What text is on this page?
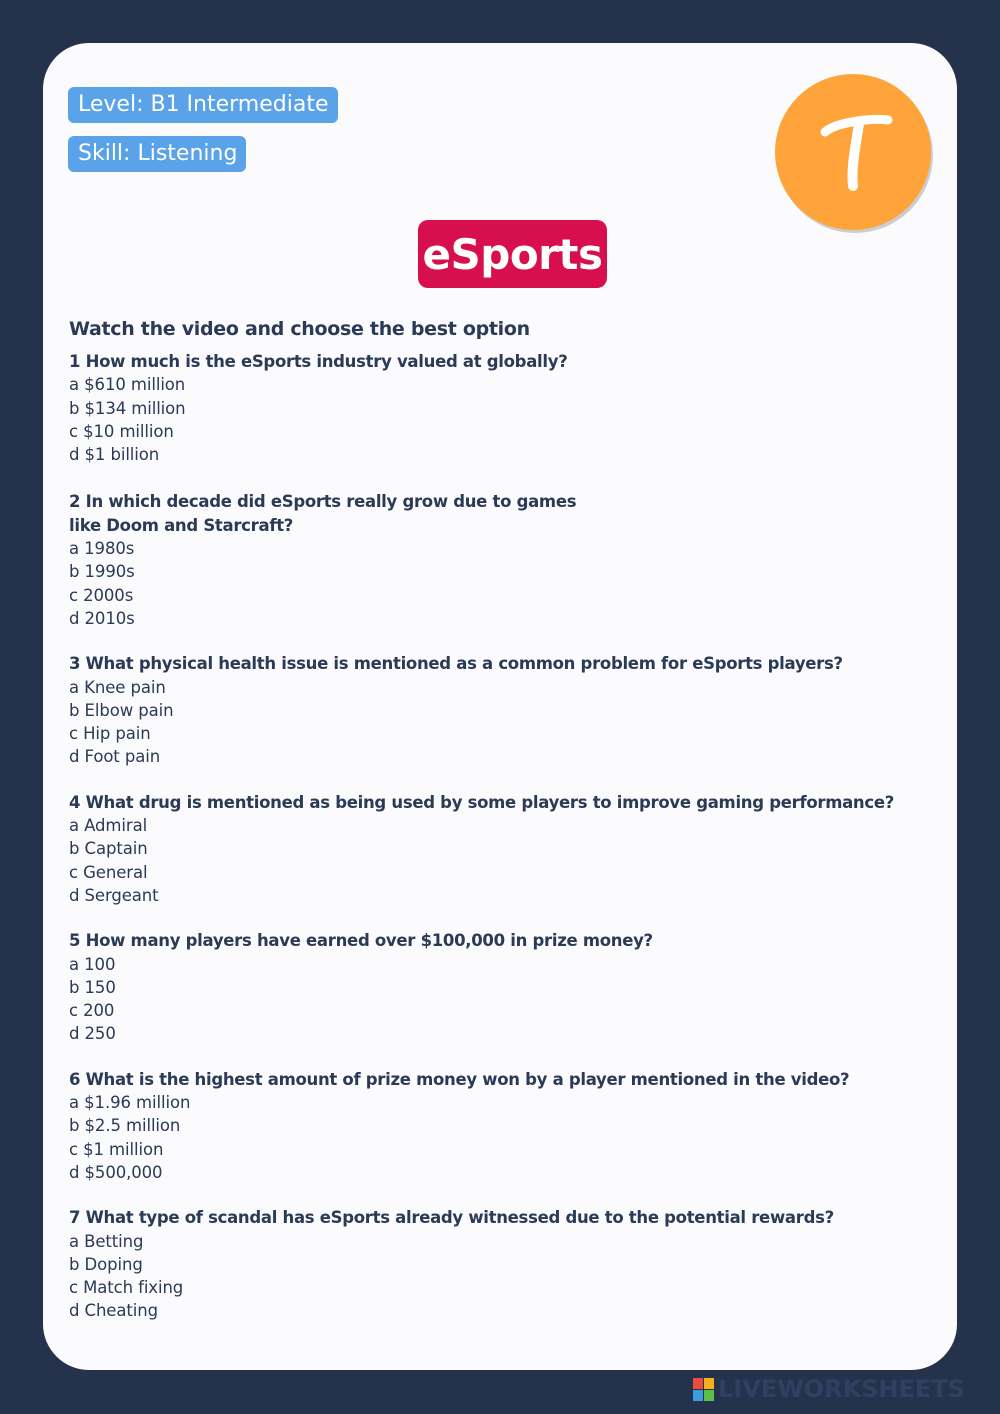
Level: B1 Intermediate
Skill: Listening
eSports
Watch the video and choose the best option
1 How much is the eSports industry valued at globally?
a $610 million
b $134 million
c $10 million
d $1 billion
2 In which decade did eSports really grow due to games
like Doom and Starcraft?
a 1980s
b 1990s
c 2000s
d 2010s
3 What physical health issue is mentioned as a common problem for eSports players?
a Knee pain
b Elbow pain
c Hip pain
d Foot pain
4 What drug is mentioned as being used by some players to improve gaming performance?
a Admiral
b Captain
c General
d Sergeant
5 How many players have earned over $100,000 in prize money?
a 100
b 150
c 200
d 250
6 What is the highest amount of prize money won by a player mentioned in the video?
a $1.96 million
b $2.5 million
c $1 million
d $500,000
7 What type of scandal has eSports already witnessed due to the potential rewards?
a Betting
b Doping
c Match fixing
d Cheating
LIVEWORKSHEETS
